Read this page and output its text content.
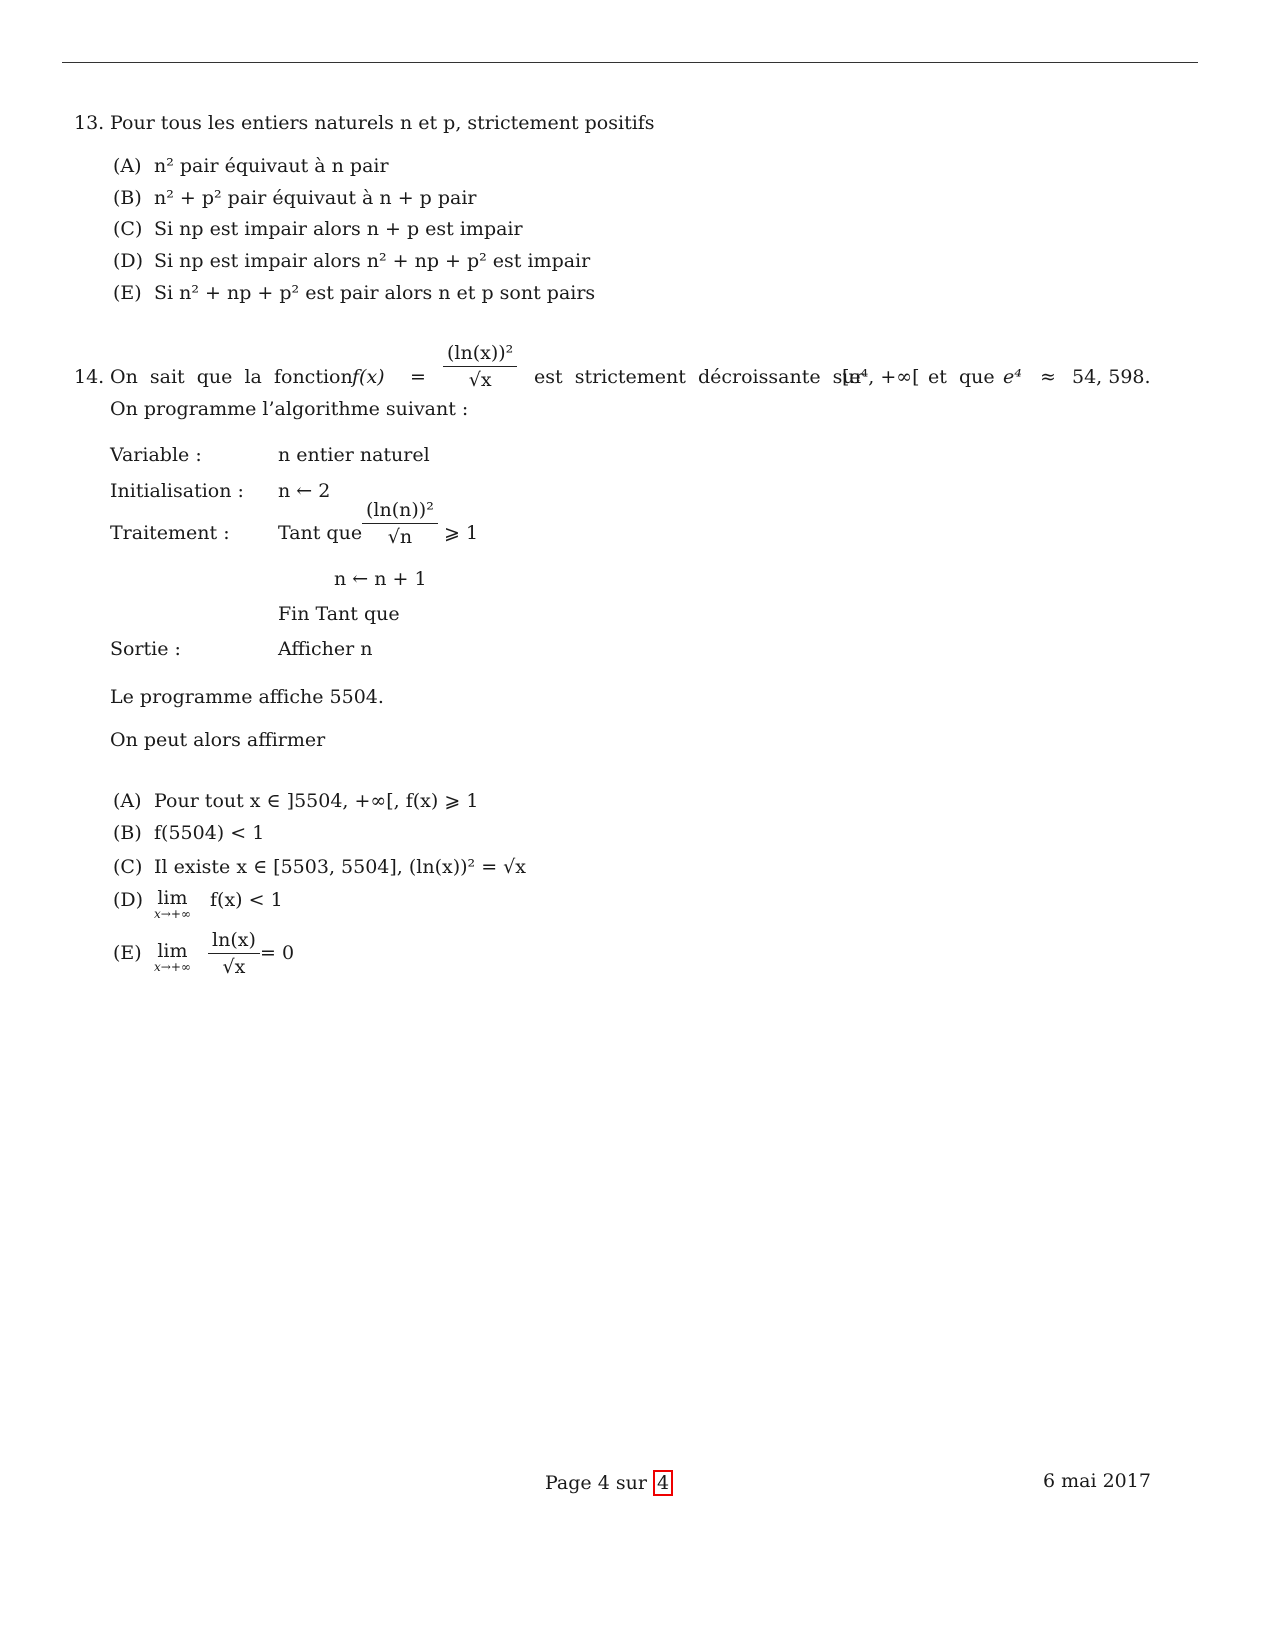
13. Pour tous les entiers naturels n et p, strictement positifs
(A) n² pair équivaut à n pair
(B) n² + p² pair équivaut à n + p pair
(C) Si np est impair alors n + p est impair
(D) Si np est impair alors n² + np + p² est impair
(E) Si n² + np + p² est pair alors n et p sont pairs
14. On  sait  que  la  fonction $f(x) = \frac{\text{(ln(x))²}}{√x}$ est  strictement  décroissante  sur
[e⁴, +∞[ et  que e⁴ ≈ 54, 598.
On programme l’algorithme suivant :
Variable :	n entier naturel
Initialisation : n ← 2
Traitement :	Tant que $\frac{\text{(ln(n))²}}{√n}$ ⩾ 1
n ← n + 1
Fin Tant que
Sortie :	Afficher n
Le programme affiche 5504.
On peut alors affirmer
(A) Pour tout x ∈ ]5504, +∞[, f(x) ⩾ 1
(B) f(5504) < 1
(C) Il existe x ∈ [5503, 5504], (ln(x))² = √x
(D) lim
x→+∞
f(x) < 1
(E) lim
$x\to+\infty \frac{\ln(x)}{√x} = 0$
Page 4 sur 4	6 mai 2017
